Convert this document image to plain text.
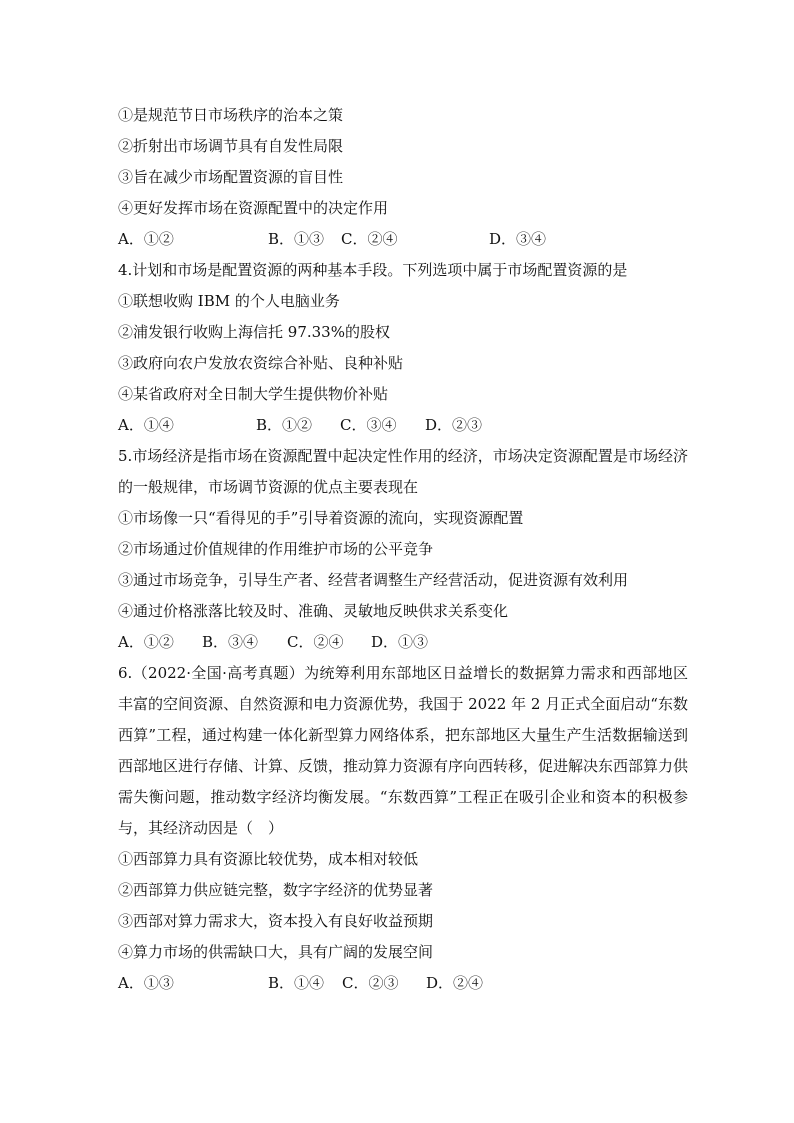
①是规范节日市场秩序的治本之策
②折射出市场调节具有自发性局限
③旨在减少市场配置资源的盲目性
④更好发挥市场在资源配置中的决定作用
A．①②	B．①③	C．②④	D．③④
4.计划和市场是配置资源的两种基本手段。下列选项中属于市场配置资源的是
①联想收购 IBM 的个人电脑业务
②浦发银行收购上海信托 97.33%的股权
③政府向农户发放农资综合补贴、良种补贴
④某省政府对全日制大学生提供物价补贴
A．①④	B．①②	C．③④	D．②③
5.市场经济是指市场在资源配置中起决定性作用的经济，市场决定资源配置是市场经济的一般规律，市场调节资源的优点主要表现在
①市场像一只“看得见的手”引导着资源的流向，实现资源配置
②市场通过价值规律的作用维护市场的公平竞争
③通过市场竞争，引导生产者、经营者调整生产经营活动，促进资源有效利用
④通过价格涨落比较及时、准确、灵敏地反映供求关系变化
A．①②	B．③④	C．②④	D．①③
6.（2022·全国·高考真题）为统筹利用东部地区日益增长的数据算力需求和西部地区丰富的空间资源、自然资源和电力资源优势，我国于 2022 年 2 月正式全面启动“东数西算”工程，通过构建一体化新型算力网络体系，把东部地区大量生产生活数据输送到西部地区进行存储、计算、反馈，推动算力资源有序向西转移，促进解决东西部算力供需失衡问题，推动数字经济均衡发展。“东数西算”工程正在吸引企业和资本的积极参与，其经济动因是（　）
①西部算力具有资源比较优势，成本相对较低
②西部算力供应链完整，数字字经济的优势显著
③西部对算力需求大，资本投入有良好收益预期
④算力市场的供需缺口大，具有广阔的发展空间
A．①③	B．①④	C．②③	D．②④
